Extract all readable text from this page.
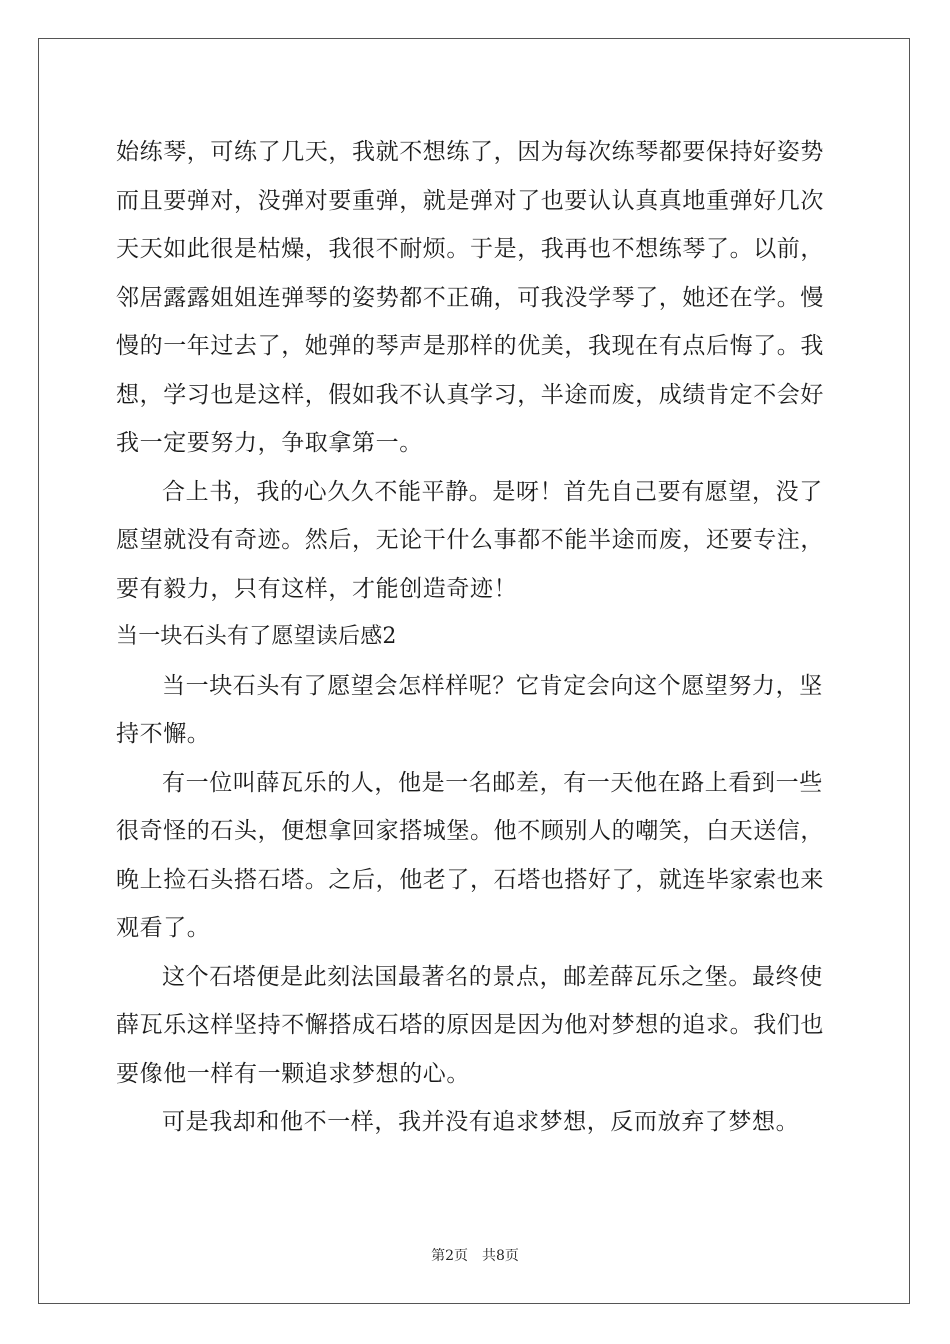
始练琴，可练了几天，我就不想练了，因为每次练琴都要保持好姿势
而且要弹对，没弹对要重弹，就是弹对了也要认认真真地重弹好几次
天天如此很是枯燥，我很不耐烦。于是，我再也不想练琴了。以前，
邻居露露姐姐连弹琴的姿势都不正确，可我没学琴了，她还在学。慢
慢的一年过去了，她弹的琴声是那样的优美，我现在有点后悔了。我
想，学习也是这样，假如我不认真学习，半途而废，成绩肯定不会好
我一定要努力，争取拿第一。
合上书，我的心久久不能平静。是呀！首先自己要有愿望，没了
愿望就没有奇迹。然后，无论干什么事都不能半途而废，还要专注，
要有毅力，只有这样，才能创造奇迹！
当一块石头有了愿望读后感2
当一块石头有了愿望会怎样样呢？它肯定会向这个愿望努力，坚
持不懈。
有一位叫薛瓦乐的人，他是一名邮差，有一天他在路上看到一些
很奇怪的石头，便想拿回家搭城堡。他不顾别人的嘲笑，白天送信，
晚上捡石头搭石塔。之后，他老了，石塔也搭好了，就连毕家索也来
观看了。
这个石塔便是此刻法国最著名的景点，邮差薛瓦乐之堡。最终使
薛瓦乐这样坚持不懈搭成石塔的原因是因为他对梦想的追求。我们也
要像他一样有一颗追求梦想的心。
可是我却和他不一样，我并没有追求梦想，反而放弃了梦想。
第2页 共8页
